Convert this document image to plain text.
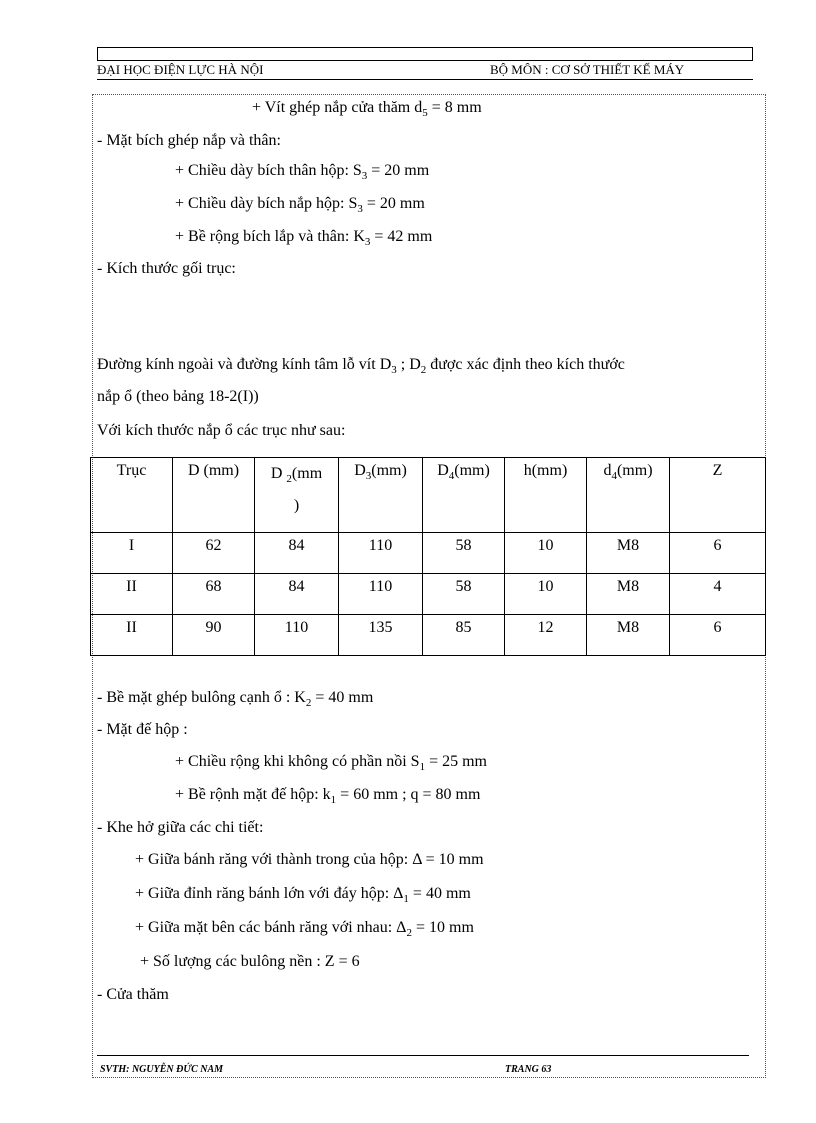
ĐẠI HỌC ĐIỆN LỰC HÀ NỘI	BỘ MÔN : CƠ SỞ THIẾT KẾ MÁY
+ Vít ghép nắp cửa thăm $d_5 = 8$ mm
- Mặt bích ghép nắp và thân:
+ Chiều dày bích thân hộp: $S_3 = 20$ mm
+ Chiều dày bích nắp hộp: $S_3 = 20$ mm
+ Bề rộng bích lắp và thân: $K_3 = 42$ mm
- Kích thước gối trục:
Đường kính ngoài và đường kính tâm lỗ vít $D_3$ ; $D_2$ được xác định theo kích thước
nắp ổ (theo bảng 18-2(I))
Với kích thước nắp ổ các trục như sau:
Trục	D (mm)	D $_2$(mm
)	$D_3(mm)$	$D_4(mm)$	h(mm)	$d_4(mm)$	Z
I	62	84	110	58	10	M8	6
II	68	84	110	58	10	M8	4
II	90	110	135	85	12	M8	6
- Bề mặt ghép bulông cạnh ổ : $K_2 = 40$ mm
- Mặt đế hộp :
+ Chiều rộng khi không có phần nồi $S_1 = 25$ mm
+ Bề rộnh mặt đế hộp: $k_1 = 60$ mm ; q = 80 mm
- Khe hở giữa các chi tiết:
+ Giữa bánh răng với thành trong của hộp: Δ = 10 mm
+ Giữa đỉnh răng bánh lớn với đáy hộp: $\Delta_1 = 40$ mm
+ Giữa mặt bên các bánh răng với nhau: $\Delta_2 = 10$ mm
+ Số lượng các bulông nền : Z = 6
- Cửa thăm
SVTH: NGUYỄN ĐỨC NAM	TRANG 63
